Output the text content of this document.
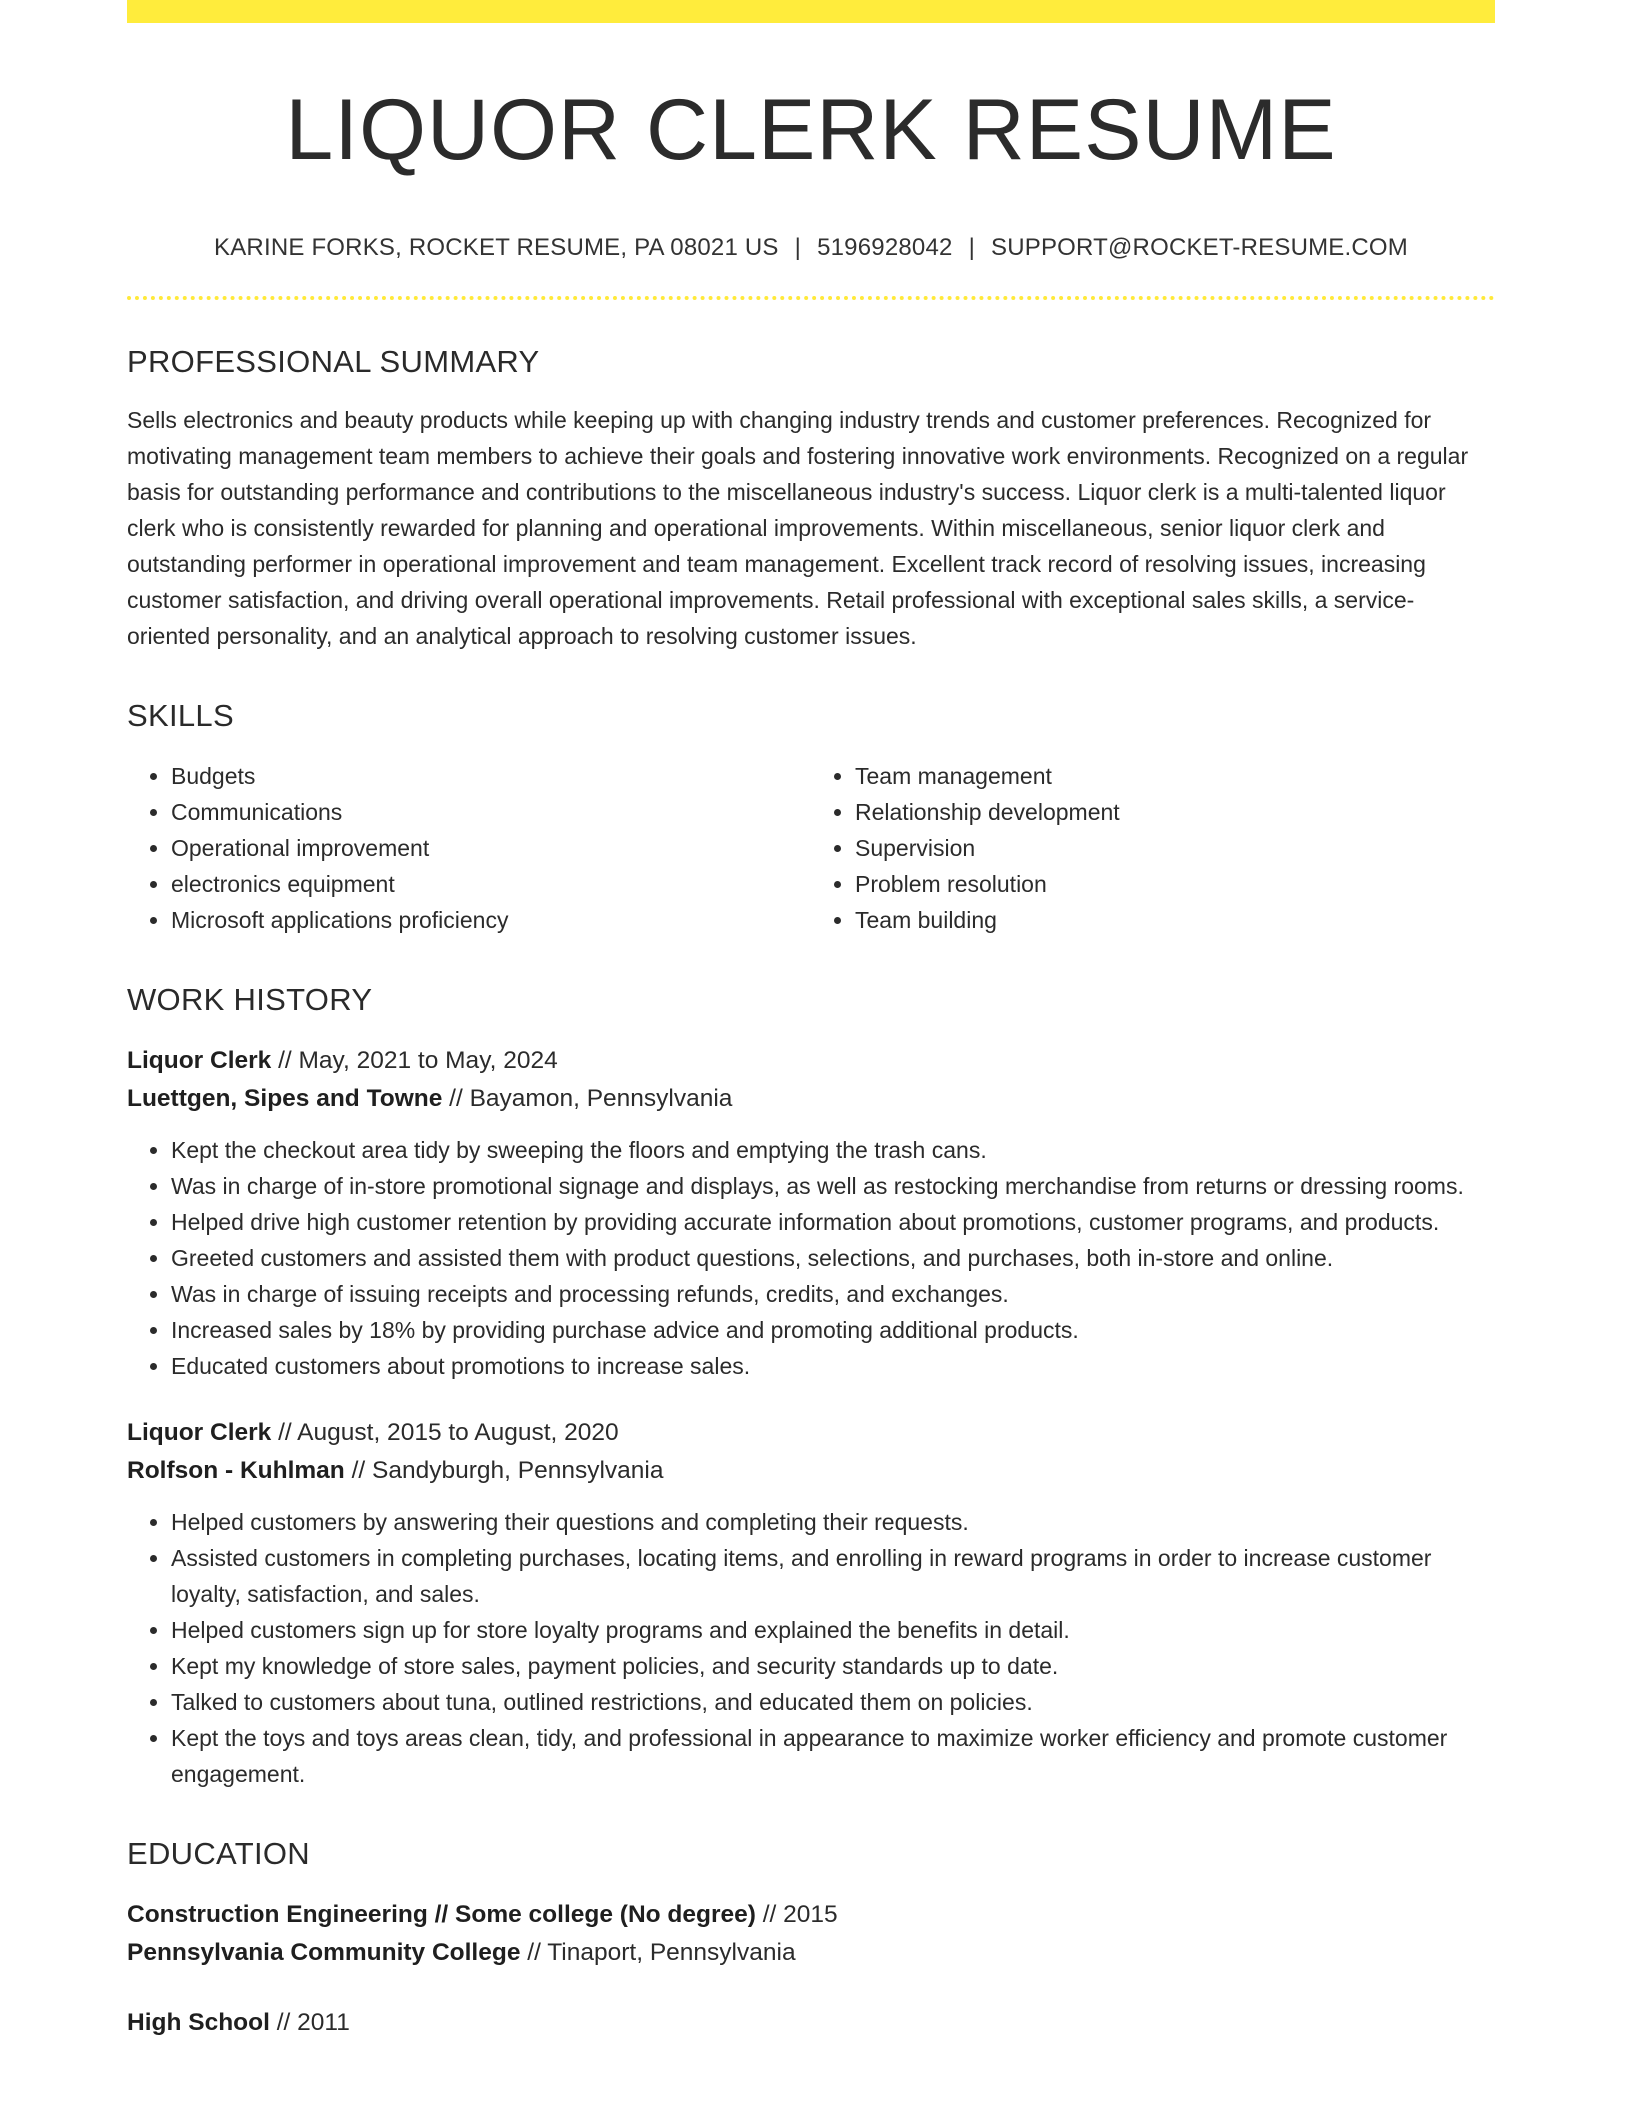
LIQUOR CLERK RESUME
KARINE FORKS, ROCKET RESUME, PA 08021 US | 5196928042 | SUPPORT@ROCKET-RESUME.COM
PROFESSIONAL SUMMARY
Sells electronics and beauty products while keeping up with changing industry trends and customer preferences. Recognized for motivating management team members to achieve their goals and fostering innovative work environments. Recognized on a regular basis for outstanding performance and contributions to the miscellaneous industry's success. Liquor clerk is a multi-talented liquor clerk who is consistently rewarded for planning and operational improvements. Within miscellaneous, senior liquor clerk and outstanding performer in operational improvement and team management. Excellent track record of resolving issues, increasing customer satisfaction, and driving overall operational improvements. Retail professional with exceptional sales skills, a service-oriented personality, and an analytical approach to resolving customer issues.
SKILLS
• Budgets
• Communications
• Operational improvement
• electronics equipment
• Microsoft applications proficiency
• Team management
• Relationship development
• Supervision
• Problem resolution
• Team building
WORK HISTORY
Liquor Clerk // May, 2021 to May, 2024
Luettgen, Sipes and Towne // Bayamon, Pennsylvania
• Kept the checkout area tidy by sweeping the floors and emptying the trash cans.
• Was in charge of in-store promotional signage and displays, as well as restocking merchandise from returns or dressing rooms.
• Helped drive high customer retention by providing accurate information about promotions, customer programs, and products.
• Greeted customers and assisted them with product questions, selections, and purchases, both in-store and online.
• Was in charge of issuing receipts and processing refunds, credits, and exchanges.
• Increased sales by 18% by providing purchase advice and promoting additional products.
• Educated customers about promotions to increase sales.
Liquor Clerk // August, 2015 to August, 2020
Rolfson - Kuhlman // Sandyburgh, Pennsylvania
• Helped customers by answering their questions and completing their requests.
• Assisted customers in completing purchases, locating items, and enrolling in reward programs in order to increase customer loyalty, satisfaction, and sales.
• Helped customers sign up for store loyalty programs and explained the benefits in detail.
• Kept my knowledge of store sales, payment policies, and security standards up to date.
• Talked to customers about tuna, outlined restrictions, and educated them on policies.
• Kept the toys and toys areas clean, tidy, and professional in appearance to maximize worker efficiency and promote customer engagement.
EDUCATION
Construction Engineering // Some college (No degree) // 2015
Pennsylvania Community College // Tinaport, Pennsylvania
High School // 2011
